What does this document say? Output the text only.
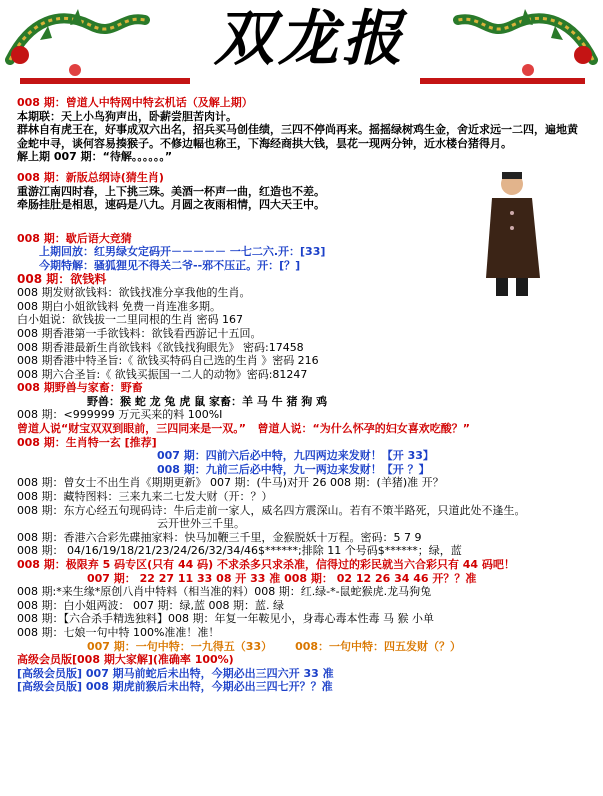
双龙报
008 期：曾道人中特网中特玄机话（及解上期）
本期联：天上小鸟狗声出，卧薪尝胆苦肉计。
群林自有虎王在，好事成双六出名，招兵买马创佳绩，三四不停尚再来。摇摇绿树鸡生金，舍近求远一二四，遍地黄金蛇中寻，谈何容易揍猴子。不修边幅也称王，下海经商拱大钱，昙花一现两分钟，近水楼台猪得月。
解上期 007 期：“待解。。。。。。”
008 期：新版总纲诗(猜生肖)
重游江南四时春，上下挑三珠。美酒一杯声一曲，红造也不差。
牵肠挂肚是相思，速码是八九。月圆之夜雨相情，四大天王中。
008 期：歇后语大竞猜
上期回放：红男绿女定码开－－－－－ 一七二六.开：[33]
今期特解：骚狐狸见不得关二爷--邪不压正。开：[？]
008 期：欲钱料
008 期发财欲钱料：欲钱找准分享我他的生肖。
008 期白小姐欲钱料 免费一肖连准多期。
白小姐说：欲钱拔一二里同根的生肖 密码 167
008 期香港第一手欲钱料：欲钱看西游记十五回。
008 期香港最新生肖欲钱料《欲钱找狗眼先》 密码:17458
008 期香港中特圣旨:《 欲钱买特码自己选的生肖 》密码 216
008 期六合圣旨:《 欲钱买振国一二人的动物》密码:81247
008 期野兽与家畜：野畜
野兽：猴 蛇 龙 兔 虎 鼠 家畜：羊 马 牛 猪 狗 鸡
008 期：<999999 万元买来的料 100%I
曾道人说“财宝双双到眼前，三四同来是一双。” 曾道人说：“为什么怀孕的妇女喜欢吃酸？”
008 期：生肖特一玄 [推荐]
007 期：四前六后必中特，九四两边来发财！【开 33】
008 期：九前三后必中特，九一两边来发财！【开 ？】
008 期：曾女士不出生肖《期期更新》 007 期：(牛马)对开 26 008 期：(羊猪)准 开？
008 期：藏特图料：三来九来二七发大财（开：？）
008 期：东方心经五句现码诗：牛后走前一家人，威名四方震深山。若有不策半路死，只道此处不逢生。
云开世外三千里。
008 期：香港六合彩先碟抽家料：快马加鞭三千里，金猴脱妖十万程。密码：5 7 9
008 期： 04/16/19/18/21/23/24/26/32/34/46$******;排除 11 个号码$******；绿，蓝
008 期：极限弃 5 码专区(只有 44 码) 不求杀多只求杀准，信得过的彩民就当六合彩只有 44 码吧！
007 期： 22 27 11 33 08 开 33 准 008 期： 02 12 26 34 46 开？？准
008 期:*来生缘*原创八肖中特料（相当准的料）008 期：红.绿-*-鼠蛇猴虎.龙马狗兔
008 期：白小姐两波： 007 期：绿,蓝 008 期：蓝. 绿
008 期：【六合杀手精选独料】008 期：年复一年鞍见小，身毒心毒本性毒 马 猴 小单
008 期：七娘一句中特 100%准准！准！
007 期：一句中特：一九得五（33） 008：一句中特：四五发财（？）
高级会员版[008 期大家解](准确率 100%)
[高级会员版] 007 期马前蛇后未出特，今期必出三四六开 33 准
[高级会员版] 008 期虎前猴后未出特，今期必出三四七开？？准
